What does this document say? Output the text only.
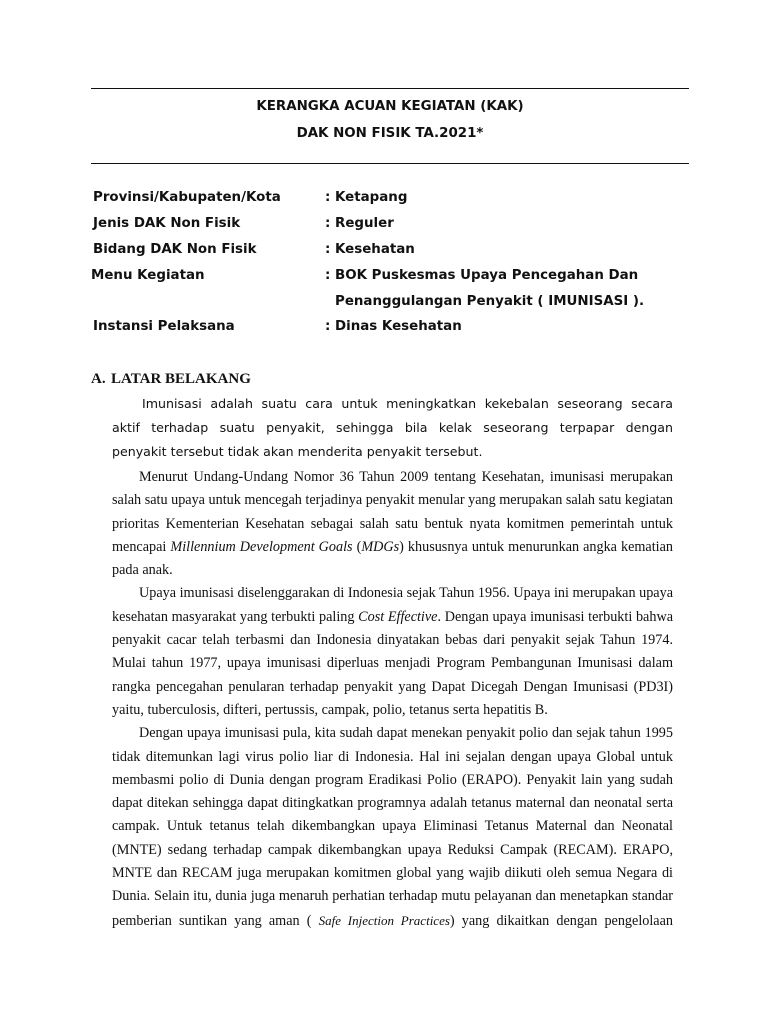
KERANGKA ACUAN KEGIATAN (KAK)
DAK NON FISIK TA.2021*
Provinsi/Kabupaten/Kota	: Ketapang
Jenis DAK Non Fisik	: Reguler
Bidang DAK Non Fisik	: Kesehatan
Menu Kegiatan	: BOK Puskesmas Upaya Pencegahan Dan
Penanggulangan Penyakit ( IMUNISASI ).
Instansi Pelaksana	: Dinas Kesehatan
A. LATAR BELAKANG

Imunisasi adalah suatu cara untuk meningkatkan kekebalan seseorang secara

aktif terhadap suatu penyakit, sehingga bila kelak seseorang terpapar dengan

penyakit tersebut tidak akan menderita penyakit tersebut.

Menurut Undang-Undang Nomor 36 Tahun 2009 tentang Kesehatan, imunisasi merupakan
salah satu upaya untuk mencegah terjadinya penyakit menular yang merupakan salah satu kegiatan
prioritas Kementerian Kesehatan sebagai salah satu bentuk nyata komitmen pemerintah untuk
mencapai Millennium Development Goals (MDGs) khususnya untuk menurunkan angka kematian
pada anak.
Upaya imunisasi diselenggarakan di Indonesia sejak Tahun 1956. Upaya ini merupakan upaya
kesehatan masyarakat yang terbukti paling Cost Effective. Dengan upaya imunisasi terbukti bahwa
penyakit cacar telah terbasmi dan Indonesia dinyatakan bebas dari penyakit sejak Tahun 1974.
Mulai tahun 1977, upaya imunisasi diperluas menjadi Program Pembangunan Imunisasi dalam
rangka pencegahan penularan terhadap penyakit yang Dapat Dicegah Dengan Imunisasi (PD3I)
yaitu, tuberculosis, difteri, pertussis, campak, polio, tetanus serta hepatitis B.
Dengan upaya imunisasi pula, kita sudah dapat menekan penyakit polio dan sejak tahun 1995
tidak ditemunkan lagi virus polio liar di Indonesia. Hal ini sejalan dengan upaya Global untuk
membasmi polio di Dunia dengan program Eradikasi Polio (ERAPO). Penyakit lain yang sudah
dapat ditekan sehingga dapat ditingkatkan programnya adalah tetanus maternal dan neonatal serta
campak. Untuk tetanus telah dikembangkan upaya Eliminasi Tetanus Maternal dan Neonatal
(MNTE) sedang terhadap campak dikembangkan upaya Reduksi Campak (RECAM). ERAPO,
MNTE dan RECAM juga merupakan komitmen global yang wajib diikuti oleh semua Negara di
Dunia. Selain itu, dunia juga menaruh perhatian terhadap mutu pelayanan dan menetapkan standar
pemberian suntikan yang aman ( Safe Injection Practices) yang dikaitkan dengan pengelolaan
